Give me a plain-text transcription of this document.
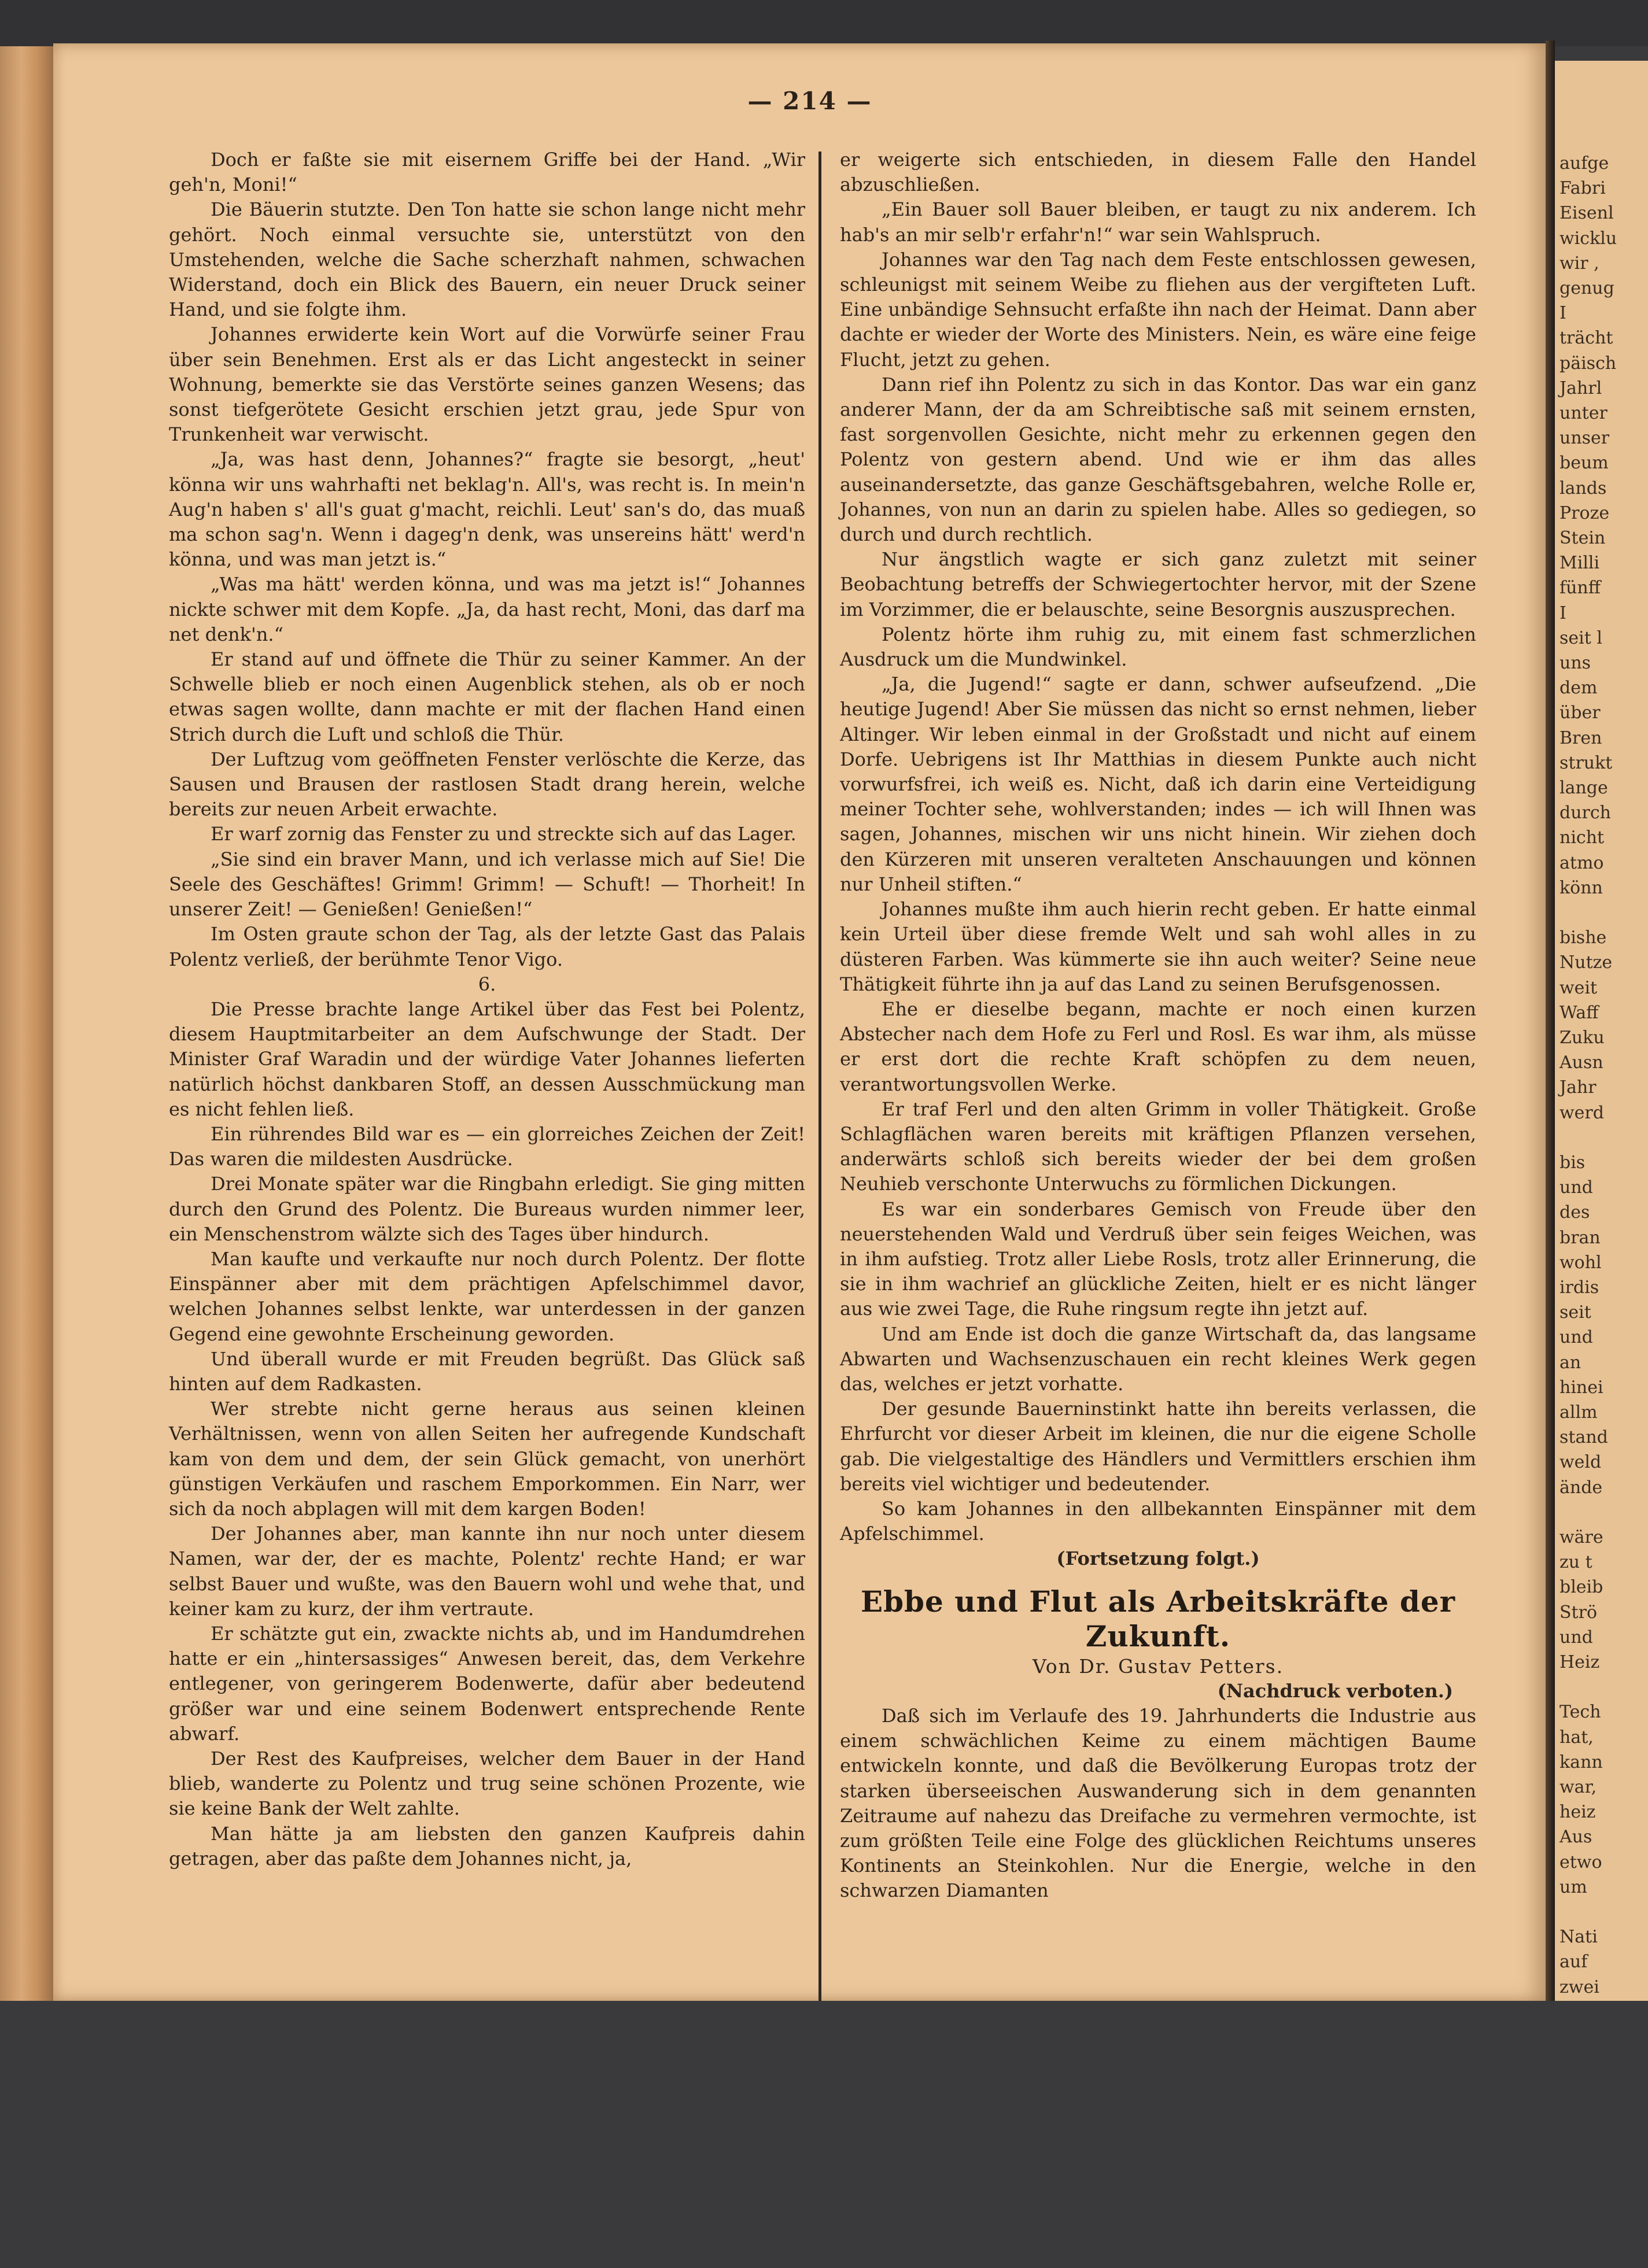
— 214 —

Doch er faßte sie mit eisernem Griffe bei der Hand. „Wir geh'n, Moni!“

Die Bäuerin stutzte. Den Ton hatte sie schon lange nicht mehr gehört. Noch einmal versuchte sie, unterstützt von den Umstehenden, welche die Sache scherzhaft nahmen, schwachen Widerstand, doch ein Blick des Bauern, ein neuer Druck seiner Hand, und sie folgte ihm.

Johannes erwiderte kein Wort auf die Vorwürfe seiner Frau über sein Benehmen. Erst als er das Licht angesteckt in seiner Wohnung, bemerkte sie das Verstörte seines ganzen Wesens; das sonst tiefgerötete Gesicht erschien jetzt grau, jede Spur von Trunkenheit war verwischt.

„Ja, was hast denn, Johannes?“ fragte sie besorgt, „heut' könna wir uns wahrhafti net beklag'n. All's, was recht is. In mein'n Aug'n haben s' all's guat g'macht, reichli. Leut' san's do, das muaß ma schon sag'n. Wenn i dageg'n denk, was unsereins hätt' werd'n könna, und was man jetzt is.“

„Was ma hätt' werden könna, und was ma jetzt is!“ Johannes nickte schwer mit dem Kopfe. „Ja, da hast recht, Moni, das darf ma net denk'n.“

Er stand auf und öffnete die Thür zu seiner Kammer. An der Schwelle blieb er noch einen Augenblick stehen, als ob er noch etwas sagen wollte, dann machte er mit der flachen Hand einen Strich durch die Luft und schloß die Thür.

Der Luftzug vom geöffneten Fenster verlöschte die Kerze, das Sausen und Brausen der rastlosen Stadt drang herein, welche bereits zur neuen Arbeit erwachte.

Er warf zornig das Fenster zu und streckte sich auf das Lager.

„Sie sind ein braver Mann, und ich verlasse mich auf Sie! Die Seele des Geschäftes! Grimm! Grimm! — Schuft! — Thorheit! In unserer Zeit! — Genießen! Genießen!“

Im Osten graute schon der Tag, als der letzte Gast das Palais Polentz verließ, der berühmte Tenor Vigo.

6.

Die Presse brachte lange Artikel über das Fest bei Polentz, diesem Hauptmitarbeiter an dem Aufschwunge der Stadt. Der Minister Graf Waradin und der würdige Vater Johannes lieferten natürlich höchst dankbaren Stoff, an dessen Ausschmückung man es nicht fehlen ließ.

Ein rührendes Bild war es — ein glorreiches Zeichen der Zeit! Das waren die mildesten Ausdrücke.

Drei Monate später war die Ringbahn erledigt. Sie ging mitten durch den Grund des Polentz. Die Bureaus wurden nimmer leer, ein Menschenstrom wälzte sich des Tages über hindurch.

Man kaufte und verkaufte nur noch durch Polentz. Der flotte Einspänner aber mit dem prächtigen Apfelschimmel davor, welchen Johannes selbst lenkte, war unterdessen in der ganzen Gegend eine gewohnte Erscheinung geworden.

Und überall wurde er mit Freuden begrüßt. Das Glück saß hinten auf dem Radkasten.

Wer strebte nicht gerne heraus aus seinen kleinen Verhältnissen, wenn von allen Seiten her aufregende Kundschaft kam von dem und dem, der sein Glück gemacht, von unerhört günstigen Verkäufen und raschem Emporkommen. Ein Narr, wer sich da noch abplagen will mit dem kargen Boden!

Der Johannes aber, man kannte ihn nur noch unter diesem Namen, war der, der es machte, Polentz' rechte Hand; er war selbst Bauer und wußte, was den Bauern wohl und wehe that, und keiner kam zu kurz, der ihm vertraute.

Er schätzte gut ein, zwackte nichts ab, und im Handumdrehen hatte er ein „hintersassiges“ Anwesen bereit, das, dem Verkehre entlegener, von geringerem Bodenwerte, dafür aber bedeutend größer war und eine seinem Bodenwert entsprechende Rente abwarf.

Der Rest des Kaufpreises, welcher dem Bauer in der Hand blieb, wanderte zu Polentz und trug seine schönen Prozente, wie sie keine Bank der Welt zahlte.

Man hätte ja am liebsten den ganzen Kaufpreis dahin getragen, aber das paßte dem Johannes nicht, ja,

er weigerte sich entschieden, in diesem Falle den Handel abzuschließen.

„Ein Bauer soll Bauer bleiben, er taugt zu nix anderem. Ich hab's an mir selb'r erfahr'n!“ war sein Wahlspruch.

Johannes war den Tag nach dem Feste entschlossen gewesen, schleunigst mit seinem Weibe zu fliehen aus der vergifteten Luft. Eine unbändige Sehnsucht erfaßte ihn nach der Heimat. Dann aber dachte er wieder der Worte des Ministers. Nein, es wäre eine feige Flucht, jetzt zu gehen.

Dann rief ihn Polentz zu sich in das Kontor. Das war ein ganz anderer Mann, der da am Schreibtische saß mit seinem ernsten, fast sorgenvollen Gesichte, nicht mehr zu erkennen gegen den Polentz von gestern abend. Und wie er ihm das alles auseinandersetzte, das ganze Geschäftsgebahren, welche Rolle er, Johannes, von nun an darin zu spielen habe. Alles so gediegen, so durch und durch rechtlich.

Nur ängstlich wagte er sich ganz zuletzt mit seiner Beobachtung betreffs der Schwiegertochter hervor, mit der Szene im Vorzimmer, die er belauschte, seine Besorgnis auszusprechen.

Polentz hörte ihm ruhig zu, mit einem fast schmerzlichen Ausdruck um die Mundwinkel.

„Ja, die Jugend!“ sagte er dann, schwer aufseufzend. „Die heutige Jugend! Aber Sie müssen das nicht so ernst nehmen, lieber Altinger. Wir leben einmal in der Großstadt und nicht auf einem Dorfe. Uebrigens ist Ihr Matthias in diesem Punkte auch nicht vorwurfsfrei, ich weiß es. Nicht, daß ich darin eine Verteidigung meiner Tochter sehe, wohlverstanden; indes — ich will Ihnen was sagen, Johannes, mischen wir uns nicht hinein. Wir ziehen doch den Kürzeren mit unseren veralteten Anschauungen und können nur Unheil stiften.“

Johannes mußte ihm auch hierin recht geben. Er hatte einmal kein Urteil über diese fremde Welt und sah wohl alles in zu düsteren Farben. Was kümmerte sie ihn auch weiter? Seine neue Thätigkeit führte ihn ja auf das Land zu seinen Berufsgenossen.

Ehe er dieselbe begann, machte er noch einen kurzen Abstecher nach dem Hofe zu Ferl und Rosl. Es war ihm, als müsse er erst dort die rechte Kraft schöpfen zu dem neuen, verantwortungsvollen Werke.

Er traf Ferl und den alten Grimm in voller Thätigkeit. Große Schlagflächen waren bereits mit kräftigen Pflanzen versehen, anderwärts schloß sich bereits wieder der bei dem großen Neuhieb verschonte Unterwuchs zu förmlichen Dickungen.

Es war ein sonderbares Gemisch von Freude über den neuerstehenden Wald und Verdruß über sein feiges Weichen, was in ihm aufstieg. Trotz aller Liebe Rosls, trotz aller Erinnerung, die sie in ihm wachrief an glückliche Zeiten, hielt er es nicht länger aus wie zwei Tage, die Ruhe ringsum regte ihn jetzt auf.

Und am Ende ist doch die ganze Wirtschaft da, das langsame Abwarten und Wachsenzuschauen ein recht kleines Werk gegen das, welches er jetzt vorhatte.

Der gesunde Bauerninstinkt hatte ihn bereits verlassen, die Ehrfurcht vor dieser Arbeit im kleinen, die nur die eigene Scholle gab. Die vielgestaltige des Händlers und Vermittlers erschien ihm bereits viel wichtiger und bedeutender.

So kam Johannes in den allbekannten Einspänner mit dem Apfelschimmel.

(Fortsetzung folgt.)

Ebbe und Flut als Arbeitskräfte der Zukunft.

Von Dr. Gustav Petters.

(Nachdruck verboten.)

Daß sich im Verlaufe des 19. Jahrhunderts die Industrie aus einem schwächlichen Keime zu einem mächtigen Baume entwickeln konnte, und daß die Bevölkerung Europas trotz der starken überseeischen Auswanderung sich in dem genannten Zeitraume auf nahezu das Dreifache zu vermehren vermochte, ist zum größten Teile eine Folge des glücklichen Reichtums unseres Kontinents an Steinkohlen. Nur die Energie, welche in den schwarzen Diamanten

aufge
Fabri
Eisenl
wicklu
wir ,
genug
I
trächt
päisch
Jahrl
unter
unser
beum
lands
Proze
Stein
Milli
fünff
I
seit l
uns
dem
über
Bren
strukt
lange
durch
nicht
atmo
könn
bishe
Nutze
weit
Waff
Zuku
Ausn
Jahr
werd
bis
und
des
bran
wohl
irdis
seit
und
an
hinei
allm
stand
weld
ände
wäre
zu t
bleib
Strö
und
Heiz
Tech
hat,
kann
war,
heiz
Aus
etwo
um
Nati
auf
zwei
